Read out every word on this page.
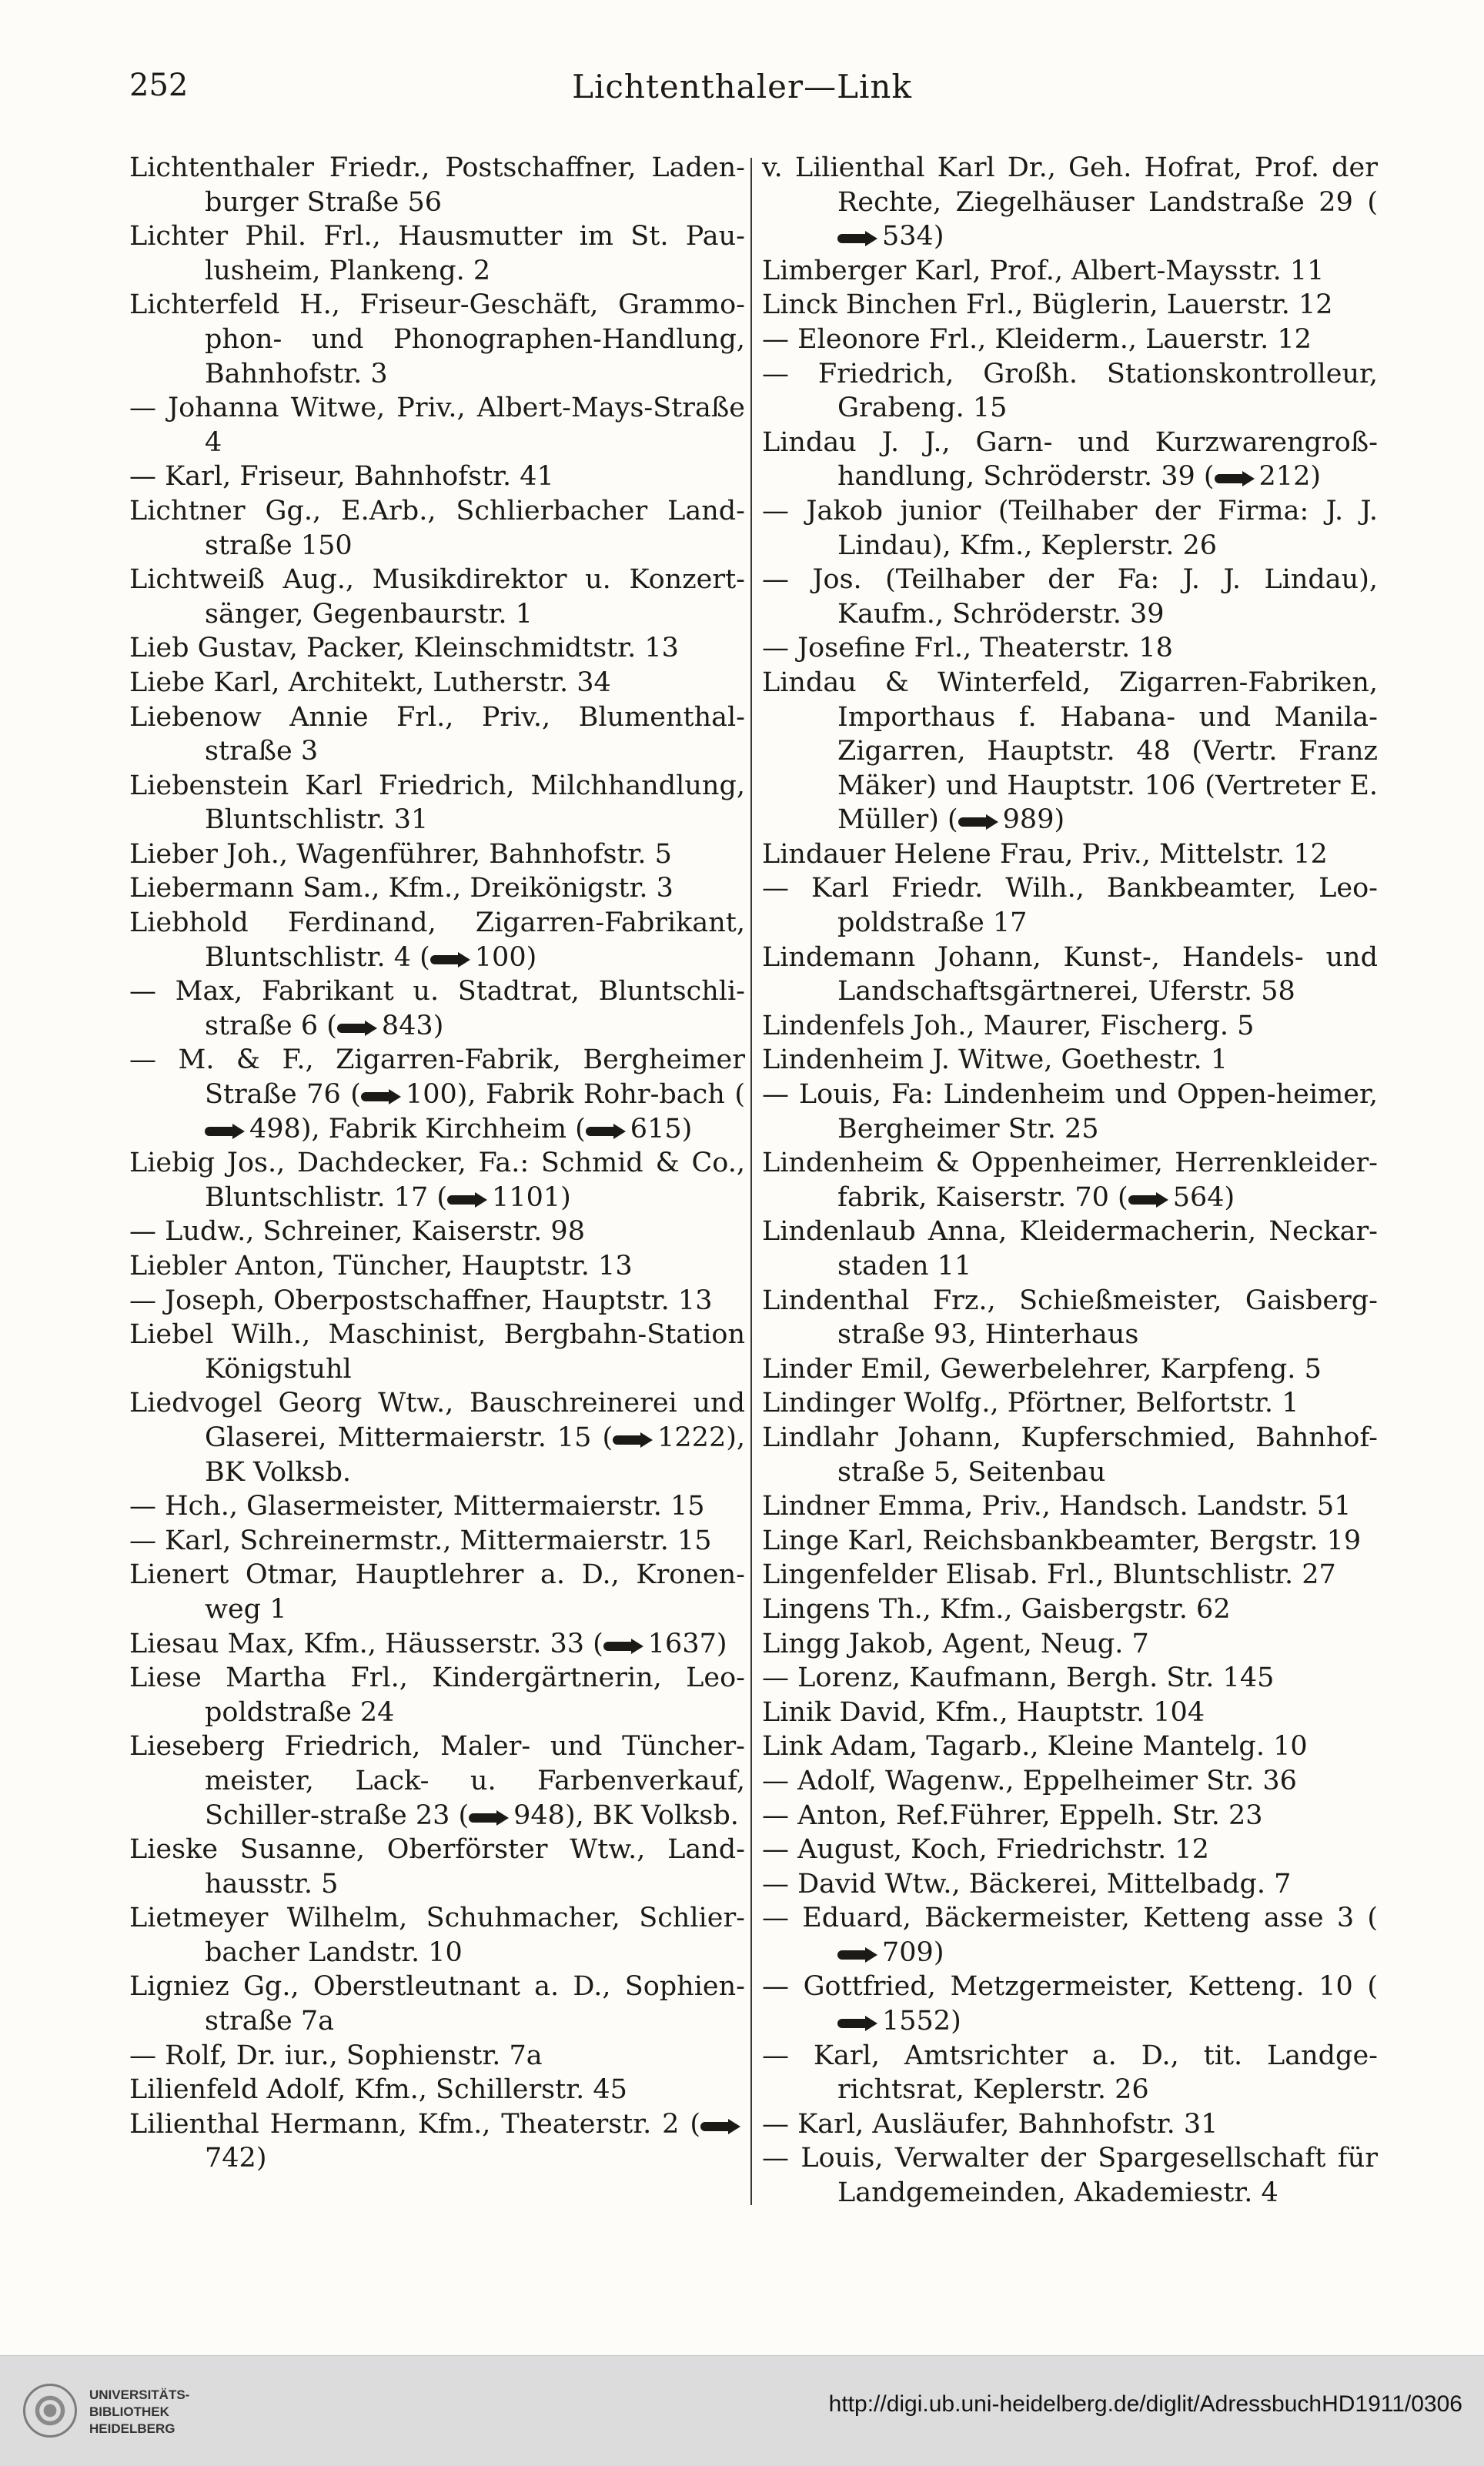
252	Lichtenthaler—Link
Lichtenthaler Friedr., Postschaffner, Laden-burger Straße 56
Lichter Phil. Frl., Hausmutter im St. Pau-lusheim, Plankeng. 2
Lichterfeld H., Friseur-Geschäft, Grammo-phon- und Phonographen-Handlung, Bahnhofstr. 3
— Johanna Witwe, Priv., Albert-Mays-Straße 4
— Karl, Friseur, Bahnhofstr. 41
Lichtner Gg., E.Arb., Schlierbacher Land-straße 150
Lichtweiß Aug., Musikdirektor u. Konzert-sänger, Gegenbaurstr. 1
Lieb Gustav, Packer, Kleinschmidtstr. 13
Liebe Karl, Architekt, Lutherstr. 34
Liebenow Annie Frl., Priv., Blumenthal-straße 3
Liebenstein Karl Friedrich, Milchhandlung, Bluntschlistr. 31
Lieber Joh., Wagenführer, Bahnhofstr. 5
Liebermann Sam., Kfm., Dreikönigstr. 3
Liebhold Ferdinand, Zigarren-Fabrikant, Bluntschlistr. 4 ( 100)
— Max, Fabrikant u. Stadtrat, Bluntschli-straße 6 ( 843)
— M. & F., Zigarren-Fabrik, Bergheimer Straße 76 ( 100), Fabrik Rohr-bach (498), Fabrik Kirchheim ( 615)
Liebig Jos., Dachdecker, Fa.: Schmid & Co., Bluntschlistr. 17 ( 1101)
— Ludw., Schreiner, Kaiserstr. 98
Liebler Anton, Tüncher, Hauptstr. 13
— Joseph, Oberpostschaffner, Hauptstr. 13
Liebel Wilh., Maschinist, Bergbahn-Station Königstuhl
Liedvogel Georg Wtw., Bauschreinerei und Glaserei, Mittermaierstr. 15 ( 1222), BK Volksb.
— Hch., Glasermeister, Mittermaierstr. 15
— Karl, Schreinermstr., Mittermaierstr. 15
Lienert Otmar, Hauptlehrer a. D., Kronen-weg 1
Liesau Max, Kfm., Häusserstr. 33 ( 1637)
Liese Martha Frl., Kindergärtnerin, Leo-poldstraße 24
Lieseberg Friedrich, Maler- und Tüncher-meister, Lack- u. Farbenverkauf, Schiller-straße 23 ( 948), BK Volksb.
Lieske Susanne, Oberförster Wtw., Land-hausstr. 5
Lietmeyer Wilhelm, Schuhmacher, Schlier-bacher Landstr. 10
Ligniez Gg., Oberstleutnant a. D., Sophien-straße 7a
— Rolf, Dr. iur., Sophienstr. 7a
Lilienfeld Adolf, Kfm., Schillerstr. 45
Lilienthal Hermann, Kfm., Theaterstr. 2 (742)
v. Lilienthal Karl Dr., Geh. Hofrat, Prof. der Rechte, Ziegelhäuser Landstraße 29 (534)
Limberger Karl, Prof., Albert-Maysstr. 11
Linck Binchen Frl., Büglerin, Lauerstr. 12
— Eleonore Frl., Kleiderm., Lauerstr. 12
— Friedrich, Großh. Stationskontrolleur, Grabeng. 15
Lindau J. J., Garn- und Kurzwarengroß-handlung, Schröderstr. 39 ( 212)
— Jakob junior (Teilhaber der Firma: J. J. Lindau), Kfm., Keplerstr. 26
— Jos. (Teilhaber der Fa: J. J. Lindau), Kaufm., Schröderstr. 39
— Josefine Frl., Theaterstr. 18
Lindau & Winterfeld, Zigarren-Fabriken, Importhaus f. Habana- und Manila-Zigarren, Hauptstr. 48 (Vertr. Franz Mäker) und Hauptstr. 106 (Vertreter E. Müller) ( 989)
Lindauer Helene Frau, Priv., Mittelstr. 12
— Karl Friedr. Wilh., Bankbeamter, Leo-poldstraße 17
Lindemann Johann, Kunst-, Handels- und Landschaftsgärtnerei, Uferstr. 58
Lindenfels Joh., Maurer, Fischerg. 5
Lindenheim J. Witwe, Goethestr. 1
— Louis, Fa: Lindenheim und Oppen-heimer, Bergheimer Str. 25
Lindenheim & Oppenheimer, Herrenkleider-fabrik, Kaiserstr. 70 ( 564)
Lindenlaub Anna, Kleidermacherin, Neckar-staden 11
Lindenthal Frz., Schießmeister, Gaisberg-straße 93, Hinterhaus
Linder Emil, Gewerbelehrer, Karpfeng. 5
Lindinger Wolfg., Pförtner, Belfortstr. 1
Lindlahr Johann, Kupferschmied, Bahnhof-straße 5, Seitenbau
Lindner Emma, Priv., Handsch. Landstr. 51
Linge Karl, Reichsbankbeamter, Bergstr. 19
Lingenfelder Elisab. Frl., Bluntschlistr. 27
Lingens Th., Kfm., Gaisbergstr. 62
Lingg Jakob, Agent, Neug. 7
— Lorenz, Kaufmann, Bergh. Str. 145
Linik David, Kfm., Hauptstr. 104
Link Adam, Tagarb., Kleine Mantelg. 10
— Adolf, Wagenw., Eppelheimer Str. 36
— Anton, Ref.Führer, Eppelh. Str. 23
— August, Koch, Friedrichstr. 12
— David Wtw., Bäckerei, Mittelbadg. 7
— Eduard, Bäckermeister, Ketteng asse 3 (709)
— Gottfried, Metzgermeister, Ketteng. 10 (1552)
— Karl, Amtsrichter a. D., tit. Landge-richtsrat, Keplerstr. 26
— Karl, Ausläufer, Bahnhofstr. 31
— Louis, Verwalter der Spargesellschaft für Landgemeinden, Akademiestr. 4
UNIVERSITÄTS-
BIBLIOTHEK
HEIDELBERG
http://digi.ub.uni-heidelberg.de/diglit/AdressbuchHD1911/0306
